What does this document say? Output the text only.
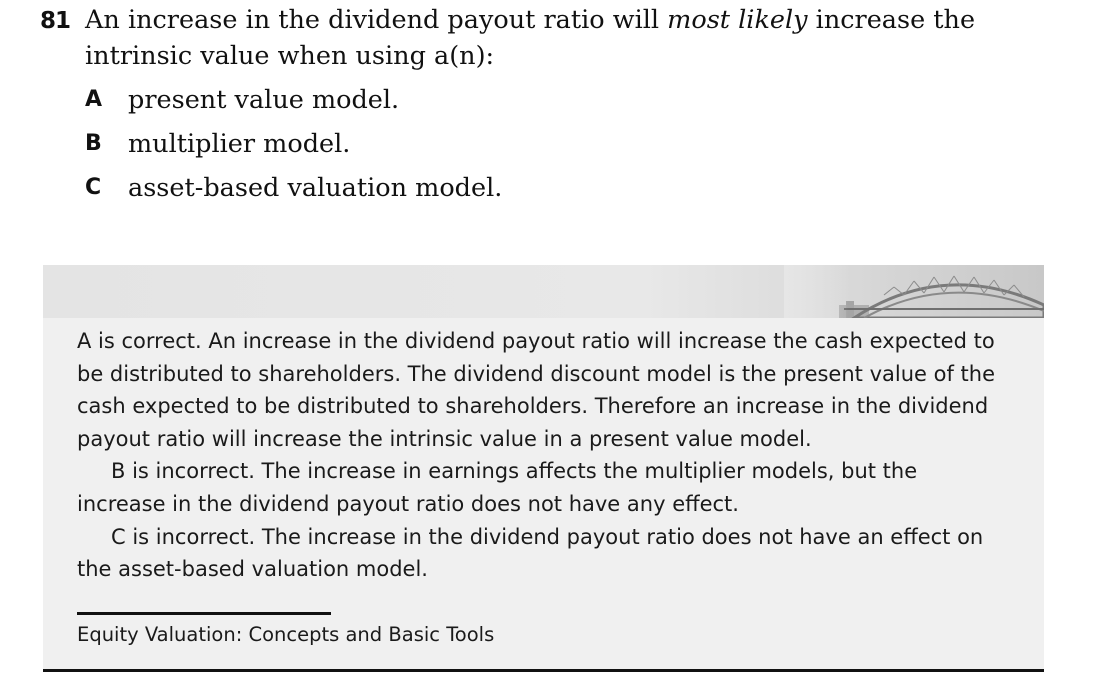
81 An increase in the dividend payout ratio will most likely increase the intrinsic value when using a(n):

A present value model.
B multiplier model.
C asset-based valuation model.

A is correct. An increase in the dividend payout ratio will increase the cash expected to be distributed to shareholders. The dividend discount model is the present value of the cash expected to be distributed to shareholders. Therefore an increase in the dividend payout ratio will increase the intrinsic value in a present value model.

B is incorrect. The increase in earnings affects the multiplier models, but the increase in the dividend payout ratio does not have any effect.

C is incorrect. The increase in the dividend payout ratio does not have an effect on the asset-based valuation model.

Equity Valuation: Concepts and Basic Tools
